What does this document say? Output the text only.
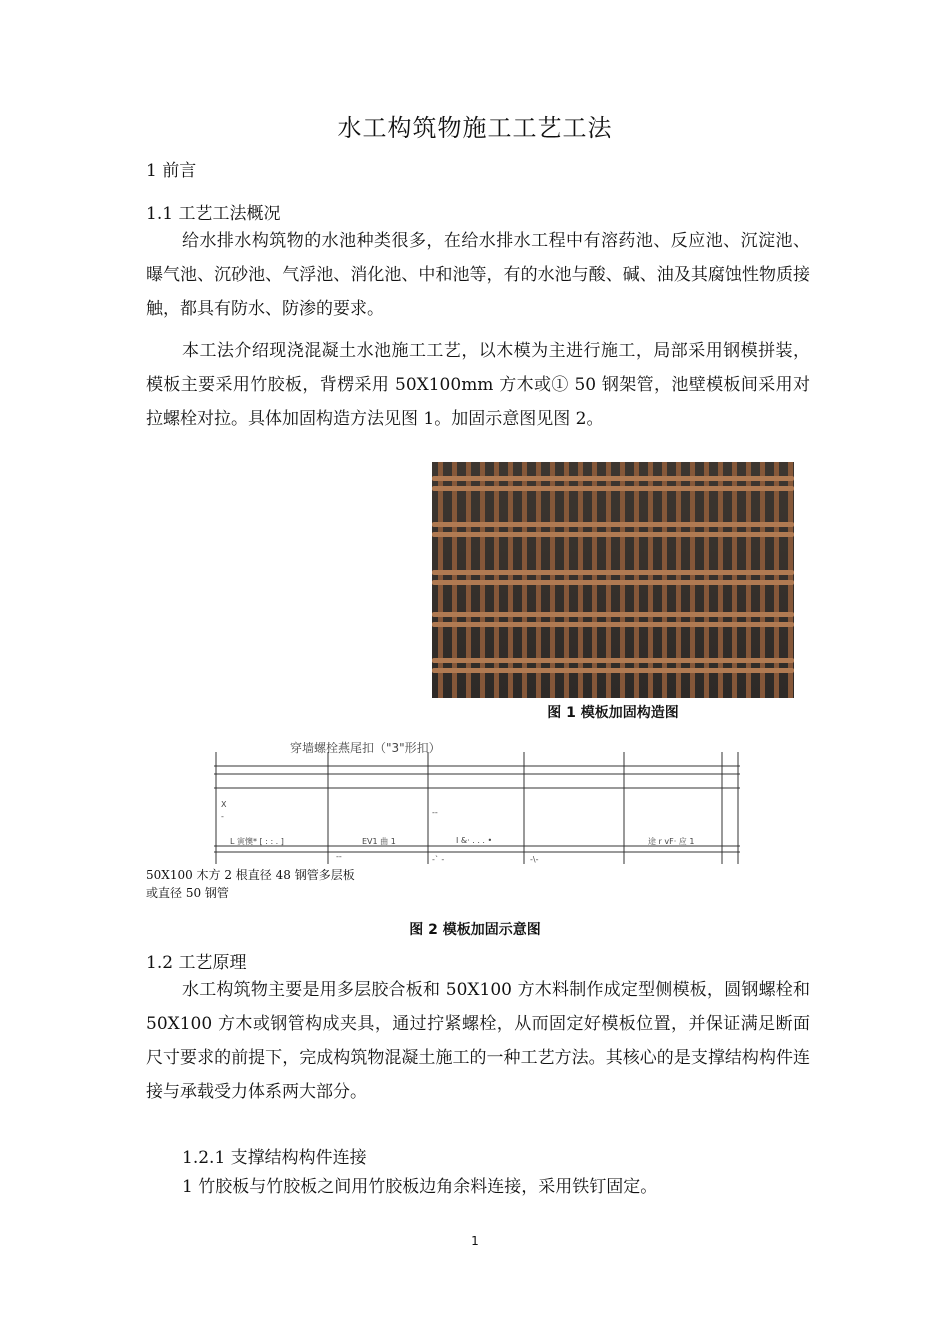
水工构筑物施工工艺工法
1 前言
1.1 工艺工法概况

给水排水构筑物的水池种类很多，在给水排水工程中有溶药池、反应池、沉淀池、曝气池、沉砂池、气浮池、消化池、中和池等，有的水池与酸、碱、油及其腐蚀性物质接触，都具有防水、防渗的要求。

本工法介绍现浇混凝土水池施工工艺，以木模为主进行施工，局部采用钢模拼装，模板主要采用竹胶板，背楞采用 50X100mm 方木或① 50 钢架管，池壁模板间采用对拉螺栓对拉。具体加固构造方法见图 1。加固示意图见图 2。

图 1 模板加固构造图
穿墙螺栓燕尾扣（"3"形扣）
L 寅懊* [ : : . ]	EV1 曲 1	I &· . . . •	途 r vF· 应 1
X
-	--
--	-` -	-\-
50X100 木方 2 根直径 48 钢管多层板
或直径 50 钢管
图 2 模板加固示意图
1.2 工艺原理

水工构筑物主要是用多层胶合板和 50X100 方木料制作成定型侧模板，圆钢螺栓和 50X100 方木或钢管构成夹具，通过拧紧螺栓，从而固定好模板位置，并保证满足断面尺寸要求的前提下，完成构筑物混凝土施工的一种工艺方法。其核心的是支撑结构构件连接与承载受力体系两大部分。

1.2.1 支撑结构构件连接

1 竹胶板与竹胶板之间用竹胶板边角余料连接，采用铁钉固定。

1
